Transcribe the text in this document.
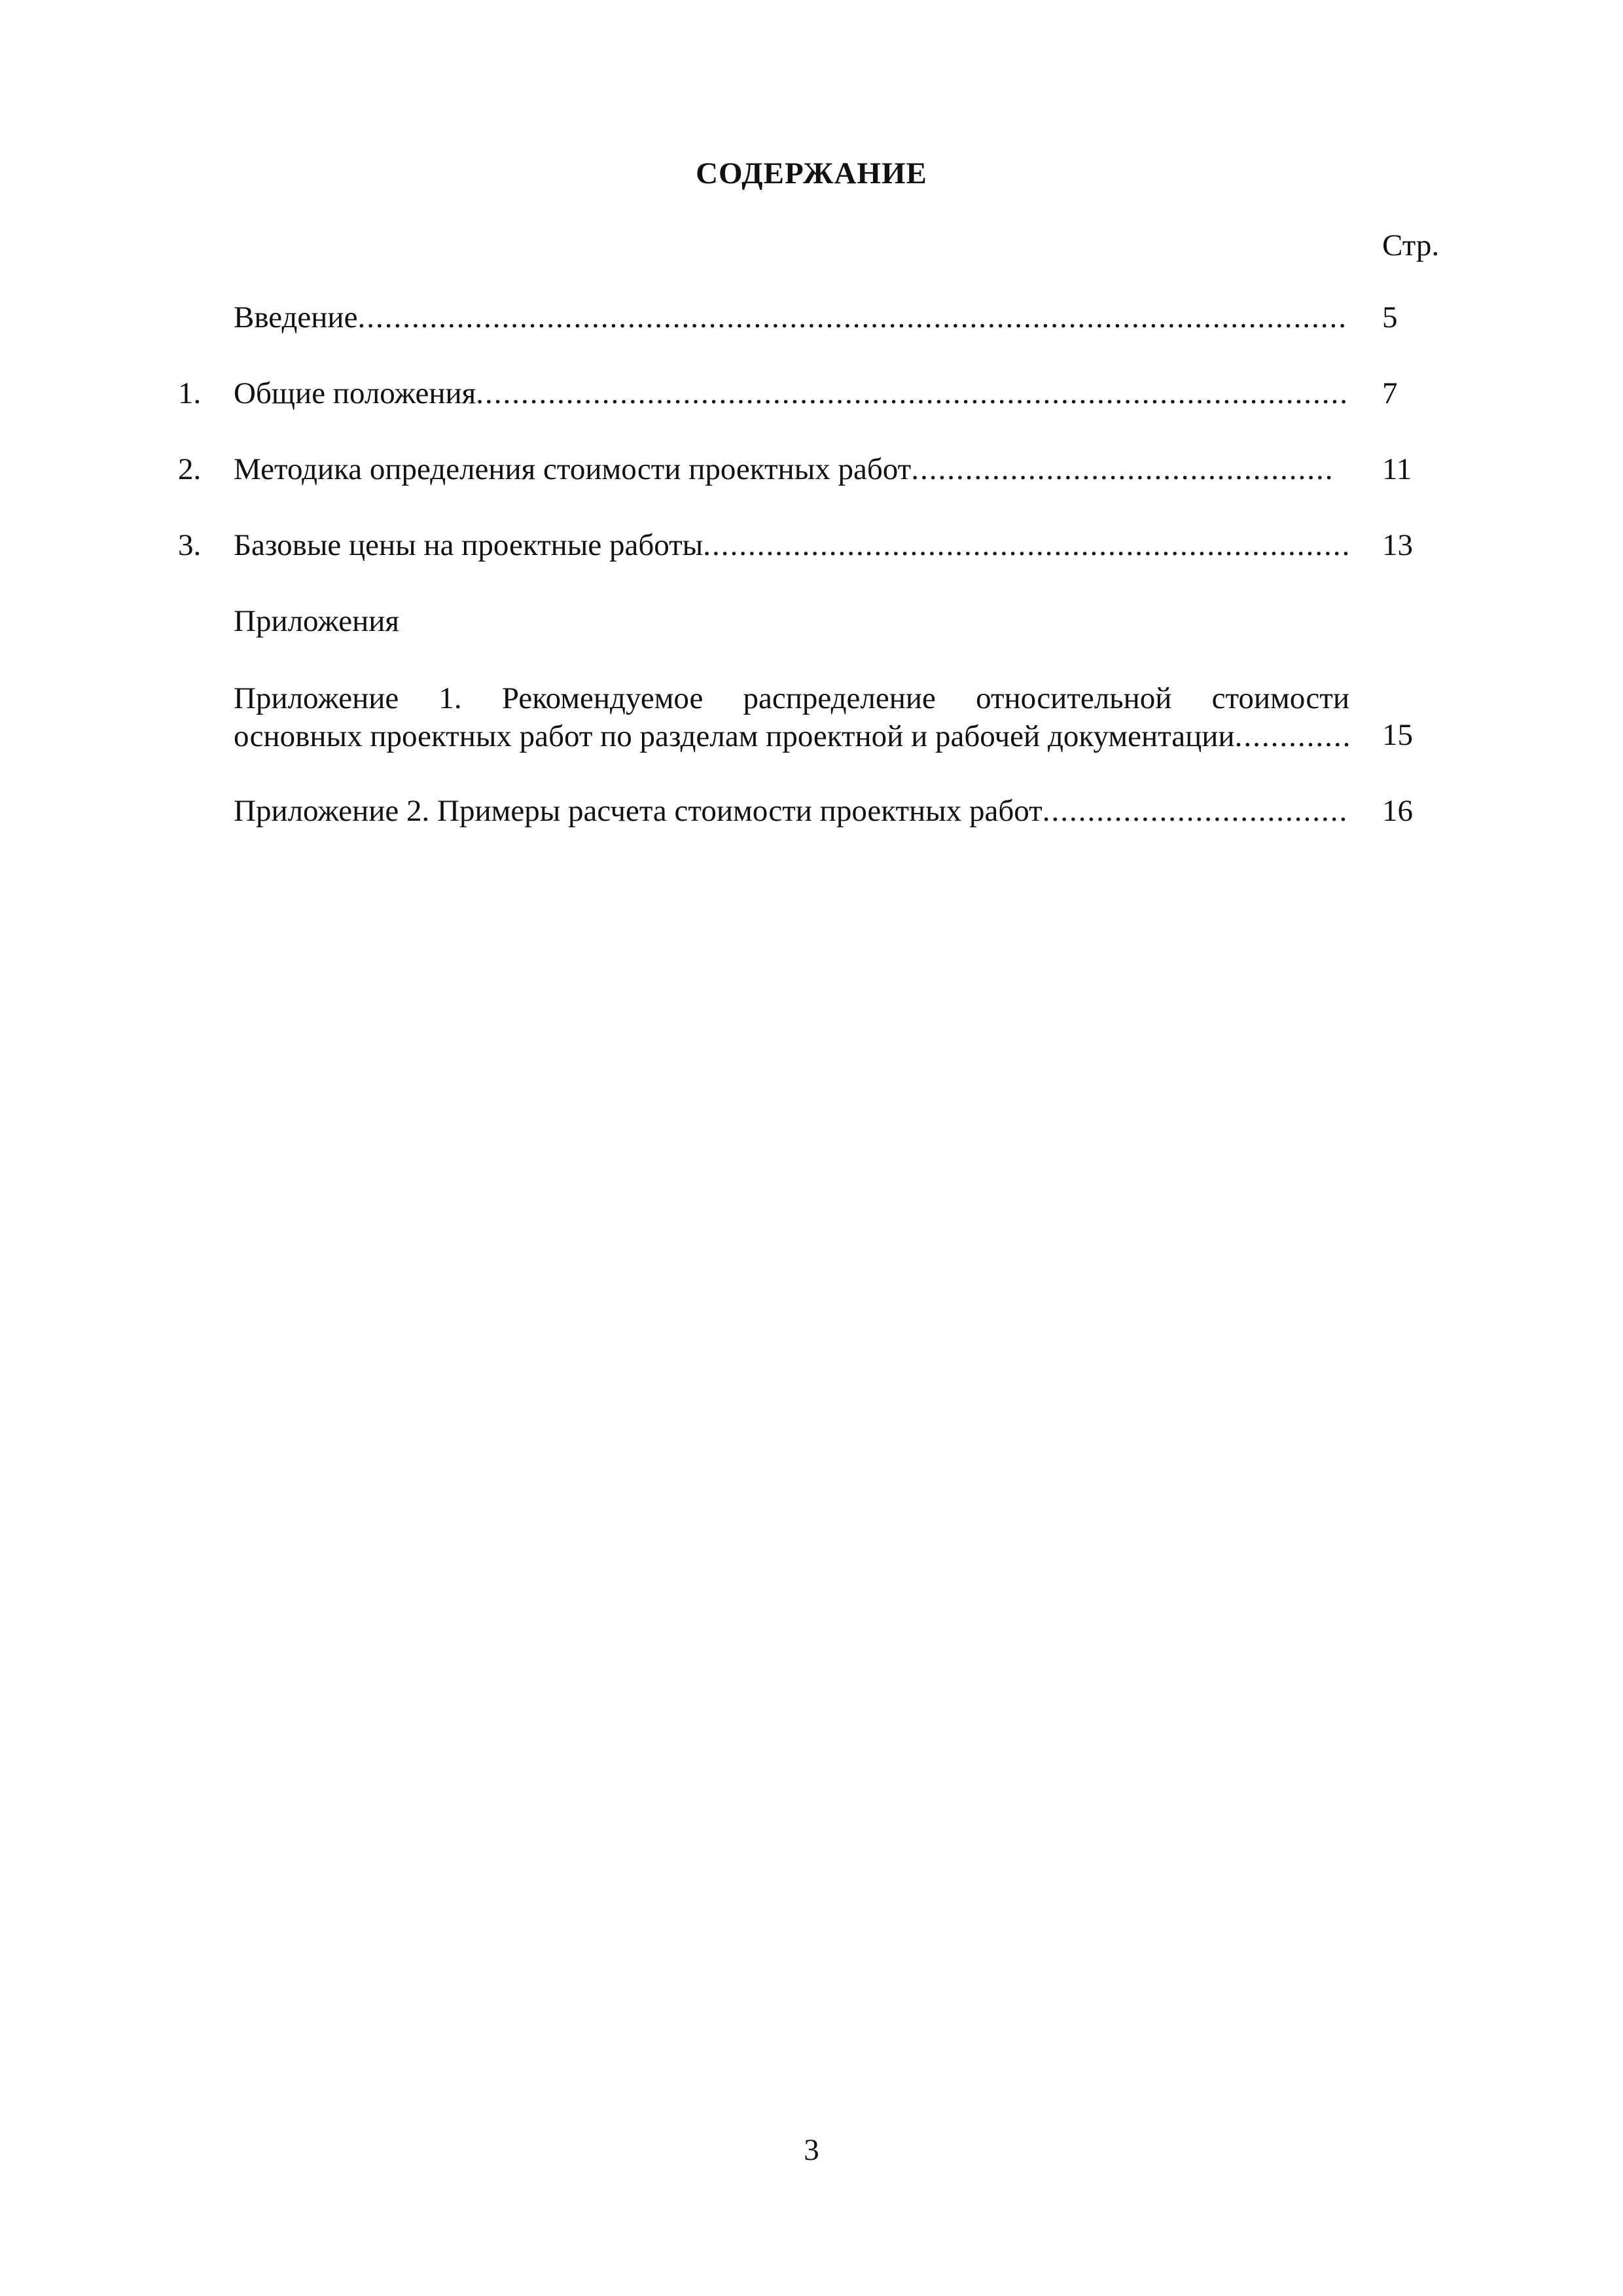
СОДЕРЖАНИЕ
Стр.
Введение .....	5
1. Общие положения .....	7
2. Методика определения стоимости проектных работ .....	11
3. Базовые цены на проектные работы .....	13
Приложения
Приложение 1. Рекомендуемое распределение относительной стоимости
основных проектных работ по разделам проектной и рабочей документации .....	15
Приложение 2. Примеры расчета стоимости проектных работ .....	16
3
